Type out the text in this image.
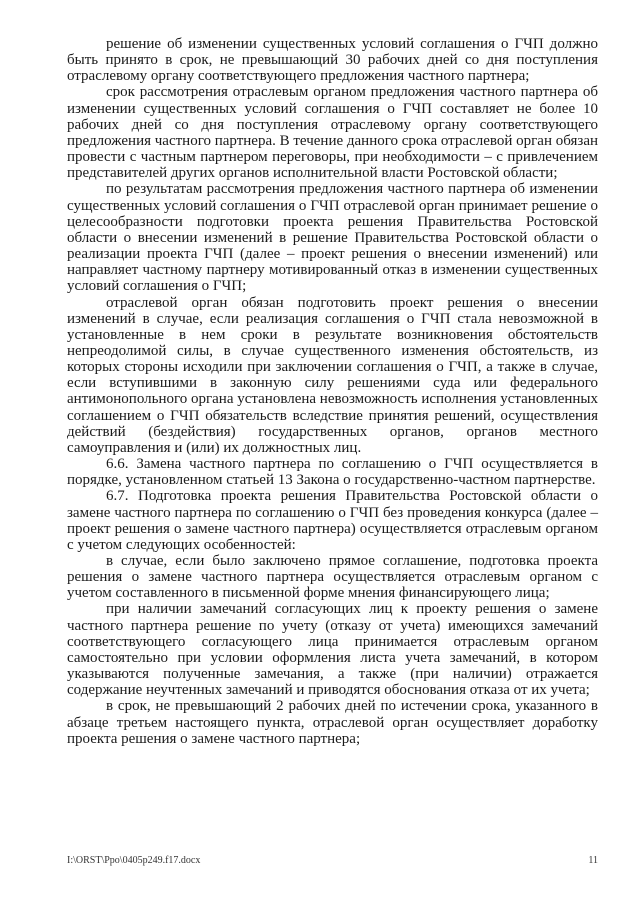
решение об изменении существенных условий соглашения о ГЧП должно быть принято в срок, не превышающий 30 рабочих дней со дня поступления отраслевому органу соответствующего предложения частного партнера;

срок рассмотрения отраслевым органом предложения частного партнера об изменении существенных условий соглашения о ГЧП составляет не более 10 рабочих дней со дня поступления отраслевому органу соответствующего предложения частного партнера. В течение данного срока отраслевой орган обязан провести с частным партнером переговоры, при необходимости – с привлечением представителей других органов исполнительной власти Ростовской области;

по результатам рассмотрения предложения частного партнера об изменении существенных условий соглашения о ГЧП отраслевой орган принимает решение о целесообразности подготовки проекта решения Правительства Ростовской области о внесении изменений в решение Правительства Ростовской области о реализации проекта ГЧП (далее – проект решения о внесении изменений) или направляет частному партнеру мотивированный отказ в изменении существенных условий соглашения о ГЧП;

отраслевой орган обязан подготовить проект решения о внесении изменений в случае, если реализация соглашения о ГЧП стала невозможной в установленные в нем сроки в результате возникновения обстоятельств непреодолимой силы, в случае существенного изменения обстоятельств, из которых стороны исходили при заключении соглашения о ГЧП, а также в случае, если вступившими в законную силу решениями суда или федерального антимонопольного органа установлена невозможность исполнения установленных соглашением о ГЧП обязательств вследствие принятия решений, осуществления действий (бездействия) государственных органов, органов местного самоуправления и (или) их должностных лиц.

6.6. Замена частного партнера по соглашению о ГЧП осуществляется в порядке, установленном статьей 13 Закона о государственно-частном партнерстве.

6.7. Подготовка проекта решения Правительства Ростовской области о замене частного партнера по соглашению о ГЧП без проведения конкурса (далее – проект решения о замене частного партнера) осуществляется отраслевым органом с учетом следующих особенностей:

в случае, если было заключено прямое соглашение, подготовка проекта решения о замене частного партнера осуществляется отраслевым органом с учетом составленного в письменной форме мнения финансирующего лица;

при наличии замечаний согласующих лиц к проекту решения о замене частного партнера решение по учету (отказу от учета) имеющихся замечаний соответствующего согласующего лица принимается отраслевым органом самостоятельно при условии оформления листа учета замечаний, в котором указываются полученные замечания, а также (при наличии) отражается содержание неучтенных замечаний и приводятся обоснования отказа от их учета;

в срок, не превышающий 2 рабочих дней по истечении срока, указанного в абзаце третьем настоящего пункта, отраслевой орган осуществляет доработку проекта решения о замене частного партнера;

I:\ORST\Ppo\0405p249.f17.docx	11
